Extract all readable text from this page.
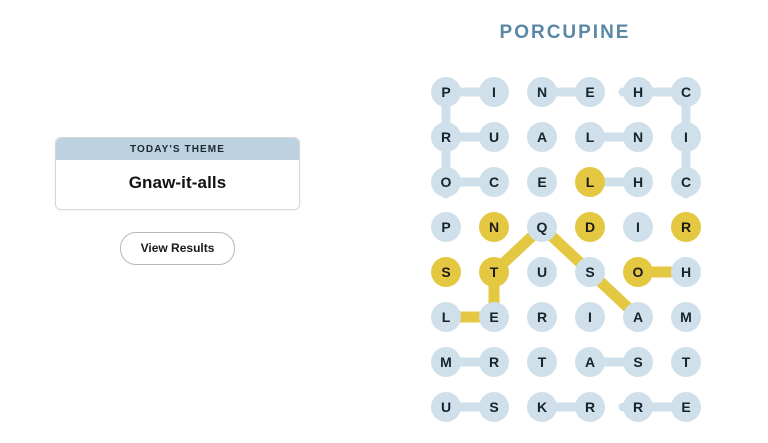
TODAY'S THEME
Gnaw-it-alls
View Results
PORCUPINE
P	I	N	E	H	C
R	U	A	L	N	I
O	C	E	L	H	C
P	N	Q	D	I	R
S	T	U	S	O	H
L	E	R	I	A	M
M	R	T	A	S	T
U	S	K	R	R	E
